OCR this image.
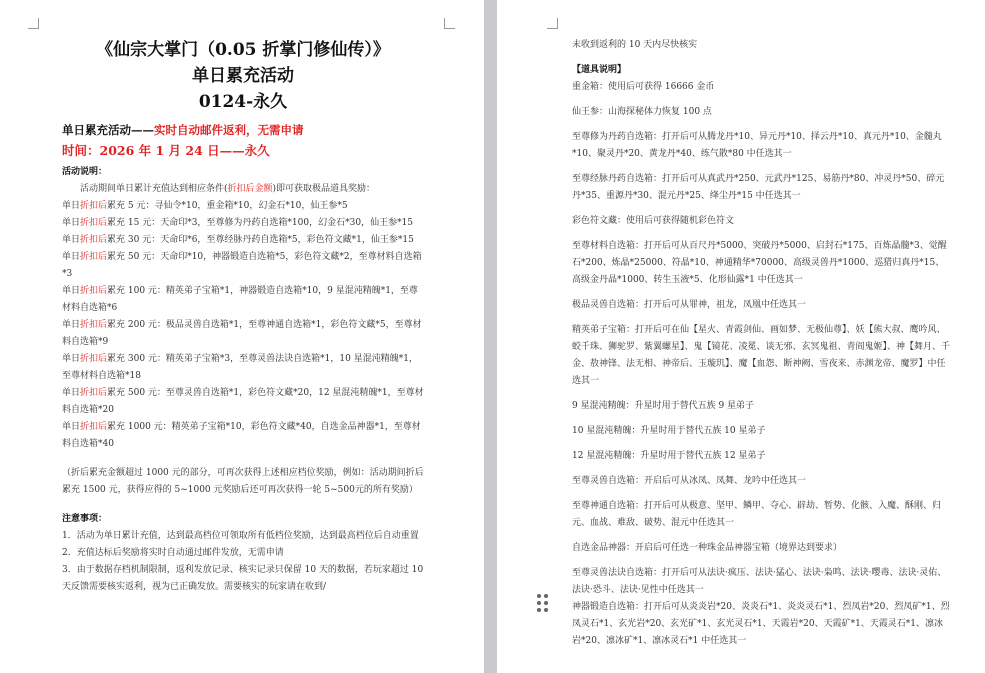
《仙宗大掌门（0.05 折掌门修仙传）》
单日累充活动
0124-永久
单日累充活动——实时自动邮件返利，无需申请
时间：2026 年 1 月 24 日——永久
活动说明：
活动期间单日累计充值达到相应条件(折扣后金额)即可获取极品道具奖励：
单日折扣后累充 5 元：寻仙令*10，重金箱*10，幻金石*10，仙王参*5
单日折扣后累充 15 元：天命印*3，至尊修为丹药自选箱*100，幻金石*30，仙王参*15
单日折扣后累充 30 元：天命印*6，至尊经脉丹药自选箱*5，彩色符文藏*1，仙王参*15
单日折扣后累充 50 元：天命印*10，神器锻造自选箱*5，彩色符文藏*2，至尊材料自选箱*3
单日折扣后累充 100 元：精英弟子宝箱*1，神器锻造自选箱*10，9 星混沌精魄*1，至尊材料自选箱*6
单日折扣后累充 200 元：极品灵兽自选箱*1，至尊神通自选箱*1，彩色符文藏*5，至尊材料自选箱*9
单日折扣后累充 300 元：精英弟子宝箱*3，至尊灵兽法诀自选箱*1，10 星混沌精魄*1，至尊材料自选箱*18
单日折扣后累充 500 元：至尊灵兽自选箱*1，彩色符文藏*20，12 星混沌精魄*1，至尊材料自选箱*20
单日折扣后累充 1000 元：精英弟子宝箱*10，彩色符文藏*40，自选金品神器*1，至尊材料自选箱*40
（折后累充金额超过 1000 元的部分，可再次获得上述相应档位奖励，例如：活动期间折后累充 1500 元，获得应得的 5~1000 元奖励后还可再次获得一轮 5~500元的所有奖励）
注意事项：
1．活动为单日累计充值，达到最高档位可领取所有低档位奖励，达到最高档位后自动重置
2．充值达标后奖励将实时自动通过邮件发放，无需申请
3．由于数据存档机制限制，返利发放记录、核实记录只保留 10 天的数据，若玩家超过 10 天反馈需要核实返利，视为已正确发放。需要核实的玩家请在收到/
未收到返利的 10 天内尽快核实
【道具说明】
重金箱：使用后可获得 16666 金币
仙王参：山海探秘体力恢复 100 点
至尊修为丹药自选箱：打开后可从腾龙丹*10、异元丹*10、择云丹*10、真元丹*10、金髓丸*10、聚灵丹*20、黄龙丹*40、练气散*80 中任选其一
至尊经脉丹药自选箱：打开后可从真武丹*250、元武丹*125、易筋丹*80、冲灵丹*50、碎元丹*35、重源丹*30、混元丹*25、绛尘丹*15 中任选其一
彩色符文藏：使用后可获得随机彩色符文
至尊材料自选箱：打开后可从百尺丹*5000、突破丹*5000、启封石*175、百炼晶髓*3、觉醒石*200、炼晶*25000、符晶*10、神通精华*70000、高级灵兽丹*1000、巡猎归真丹*15、高级金丹晶*1000、转生玉液*5、化形仙露*1 中任选其一
极品灵兽自选箱：打开后可从罪神，祖龙，凤凰中任选其一
精英弟子宝箱：打开后可在仙【星火、青霞剑仙、画如梦、无极仙尊】、妖【熊大叔、鹰吟风、蛟千珠、狮驼罗、紫翼螺星】、鬼【镜花、凌冕、谈无邪、玄冥鬼祖、青阎鬼姬】、神【舞月、千金、敖神锋、法无相、神帝后、玉璇玑】、魔【血怨、断神阙、雪夜来、赤渊龙帝、魔罗】中任选其一
9 星混沌精魄：升星时用于替代五族 9 星弟子
10 星混沌精魄：升星时用于替代五族 10 星弟子
12 星混沌精魄：升星时用于替代五族 12 星弟子
至尊灵兽自选箱：开启后可从冰凤、凤舞、龙吟中任选其一
至尊神通自选箱：打开后可从极意、坚甲、鳞甲、夺心、辟劫、暂势、化骸、入魔、酥刚、归元、血战、难敌、破势、混元中任选其一
自选金品神器：开启后可任选一种珠金品神器宝箱（境界达到要求）
至尊灵兽法诀自选箱：打开后可从法诀·疯压、法诀·猛心、法诀·枭鸣、法诀·嘤毒、法诀·灵佑、法诀·恐斗、法诀·见性中任选其一
神器锻造自选箱：打开后可从炎炎岩*20、炎炎石*1、炎炎灵石*1、烈凤岩*20、烈凤矿*1、烈凤灵石*1、玄光岩*20、玄光矿*1、玄光灵石*1、天霞岩*20、天霞矿*1、天霞灵石*1、凛冰岩*20、凛冰矿*1、凛冰灵石*1 中任选其一
